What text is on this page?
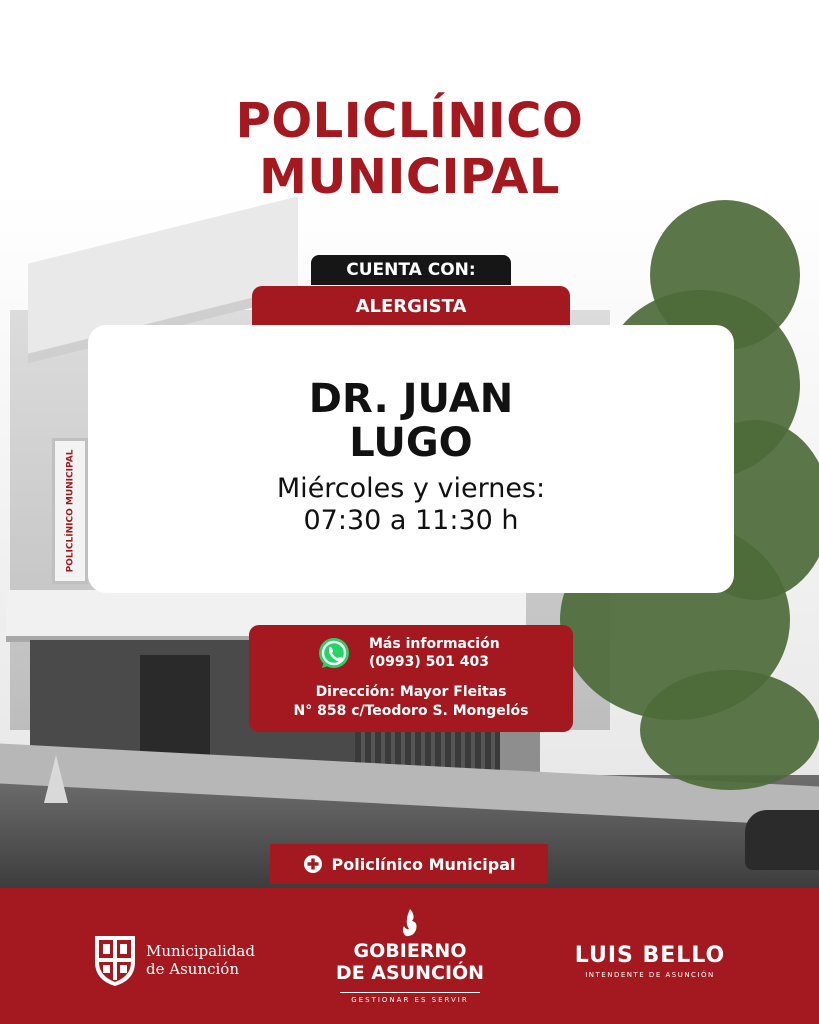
POLICLÍNICO MUNICIPAL
POLICLÍNICO
MUNICIPAL
CUENTA CON:
ALERGISTA
DR. JUAN
LUGO
Miércoles y viernes:
07:30 a 11:30 h
Más información
(0993) 501 403
Dirección: Mayor Fleitas
N° 858 c/Teodoro S. Mongelós
Policlínico Municipal
Municipalidad
de Asunción
GOBIERNO
DE ASUNCIÓN
GESTIONAR ES SERVIR
LUIS BELLO
INTENDENTE DE ASUNCIÓN
